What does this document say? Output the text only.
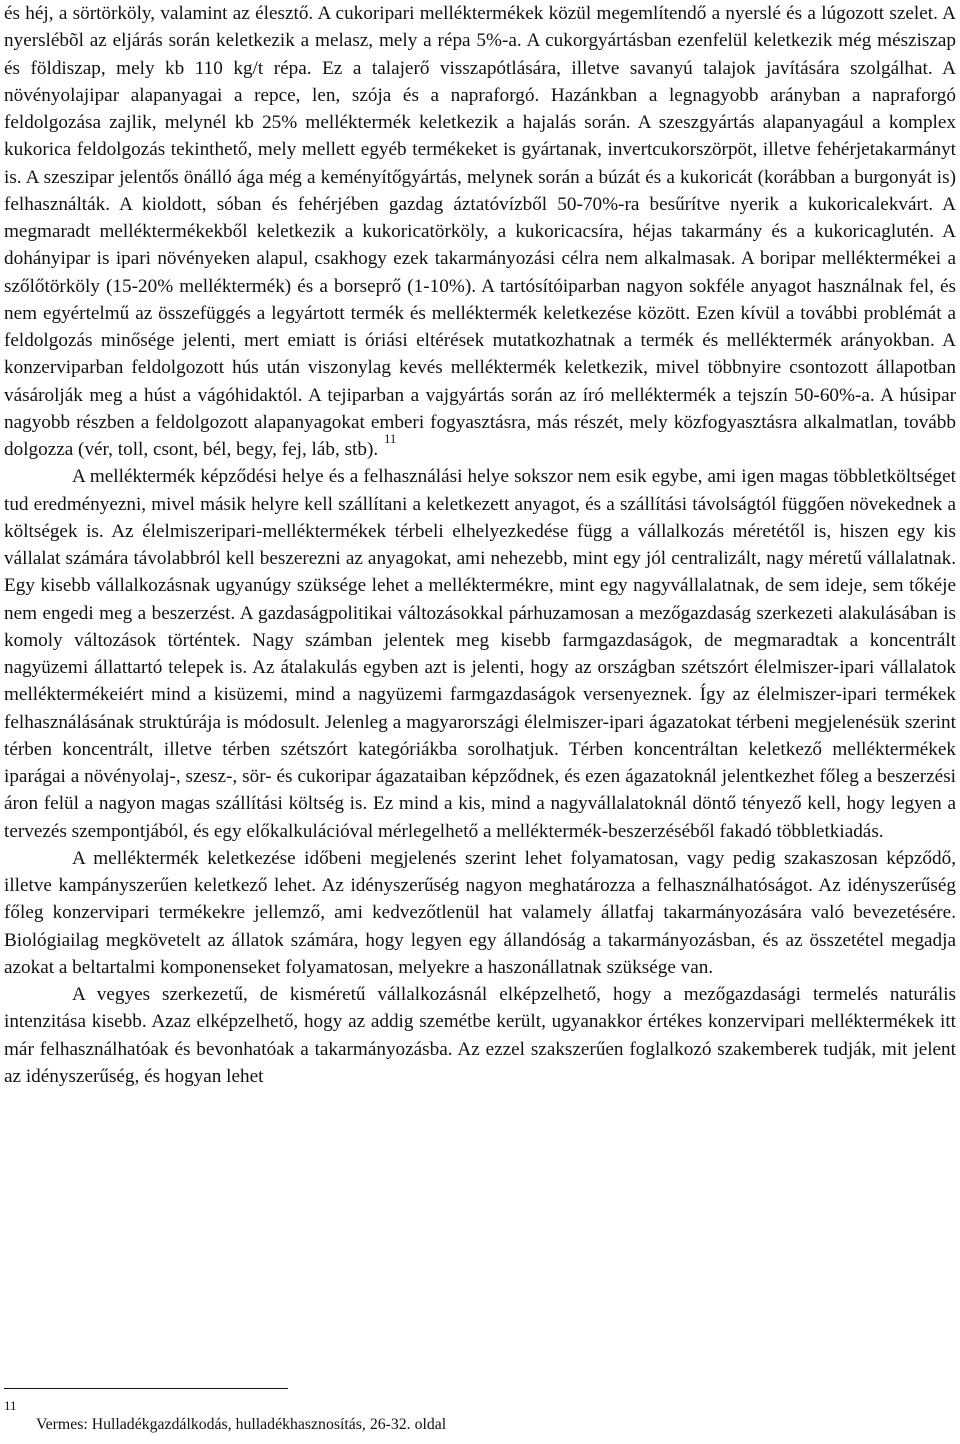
és héj, a sörtörköly, valamint az élesztő. A cukoripari melléktermékek közül megemlítendő a nyerslé és a lúgozott szelet. A nyerslébõl az eljárás során keletkezik a melasz, mely a répa 5%-a. A cukorgyártásban ezenfelül keletkezik még mésziszap és földiszap, mely kb 110 kg/t répa. Ez a talajerő visszapótlására, illetve savanyú talajok javítására szolgálhat. A növényolajipar alapanyagai a repce, len, szója és a napraforgó. Hazánkban a legnagyobb arányban a napraforgó feldolgozása zajlik, melynél kb 25% melléktermék keletkezik a hajalás során. A szeszgyártás alapanyagául a komplex kukorica feldolgozás tekinthető, mely mellett egyéb termékeket is gyártanak, invertcukorszörpöt, illetve fehérjetakarmányt is. A szeszipar jelentős önálló ága még a keményítőgyártás, melynek során a búzát és a kukoricát (korábban a burgonyát is) felhasználták. A kioldott, sóban és fehérjében gazdag áztatóvízből 50-70%-ra besűrítve nyerik a kukoricalekvárt. A megmaradt melléktermékekből keletkezik a kukoricatörköly, a kukoricacsíra, héjas takarmány és a kukoricaglutén. A dohányipar is ipari növényeken alapul, csakhogy ezek takarmányozási célra nem alkalmasak. A boripar melléktermékei a szőlőtörköly (15-20% melléktermék) és a borseprő (1-10%). A tartósítóiparban nagyon sokféle anyagot használnak fel, és nem egyértelmű az összefüggés a legyártott termék és melléktermék keletkezése között. Ezen kívül a további problémát a feldolgozás minősége jelenti, mert emiatt is óriási eltérések mutatkozhatnak a termék és melléktermék arányokban. A konzerviparban feldolgozott hús után viszonylag kevés melléktermék keletkezik, mivel többnyire csontozott állapotban vásárolják meg a húst a vágóhidaktól. A tejiparban a vajgyártás során az író melléktermék a tejszín 50-60%-a. A húsipar nagyobb részben a feldolgozott alapanyagokat emberi fogyasztásra, más részét, mely közfogyasztásra alkalmatlan, tovább dolgozza (vér, toll, csont, bél, begy, fej, láb, stb). $^{11}$

A melléktermék képződési helye és a felhasználási helye sokszor nem esik egybe, ami igen magas többletköltséget tud eredményezni, mivel másik helyre kell szállítani a keletkezett anyagot, és a szállítási távolságtól függően növekednek a költségek is. Az élelmiszeripari-melléktermékek térbeli elhelyezkedése függ a vállalkozás méretétől is, hiszen egy kis vállalat számára távolabbról kell beszerezni az anyagokat, ami nehezebb, mint egy jól centralizált, nagy méretű vállalatnak. Egy kisebb vállalkozásnak ugyanúgy szüksége lehet a melléktermékre, mint egy nagyvállalatnak, de sem ideje, sem tőkéje nem engedi meg a beszerzést. A gazdaságpolitikai változásokkal párhuzamosan a mezőgazdaság szerkezeti alakulásában is komoly változások történtek. Nagy számban jelentek meg kisebb farmgazdaságok, de megmaradtak a koncentrált nagyüzemi állattartó telepek is. Az átalakulás egyben azt is jelenti, hogy az országban szétszórt élelmiszer-ipari vállalatok melléktermékeiért mind a kisüzemi, mind a nagyüzemi farmgazdaságok versenyeznek. Így az élelmiszer-ipari termékek felhasználásának struktúrája is módosult. Jelenleg a magyarországi élelmiszer-ipari ágazatokat térbeni megjelenésük szerint térben koncentrált, illetve térben szétszórt kategóriákba sorolhatjuk. Térben koncentráltan keletkező melléktermékek iparágai a növényolaj-, szesz-, sör- és cukoripar ágazataiban képződnek, és ezen ágazatoknál jelentkezhet főleg a beszerzési áron felül a nagyon magas szállítási költség is. Ez mind a kis, mind a nagyvállalatoknál döntő tényező kell, hogy legyen a tervezés szempontjából, és egy előkalkulációval mérlegelhető a melléktermék-beszerzéséből fakadó többletkiadás.

A melléktermék keletkezése időbeni megjelenés szerint lehet folyamatosan, vagy pedig szakaszosan képződő, illetve kampányszerűen keletkező lehet. Az idényszerűség nagyon meghatározza a felhasználhatóságot. Az idényszerűség főleg konzervipari termékekre jellemző, ami kedvezőtlenül hat valamely állatfaj takarmányozására való bevezetésére. Biológiailag megkövetelt az állatok számára, hogy legyen egy állandóság a takarmányozásban, és az összetétel megadja azokat a beltartalmi komponenseket folyamatosan, melyekre a haszonállatnak szüksége van.

A vegyes szerkezetű, de kisméretű vállalkozásnál elképzelhető, hogy a mezőgazdasági termelés naturális intenzitása kisebb. Azaz elképzelhető, hogy az addig szemétbe került, ugyanakkor értékes konzervipari melléktermékek itt már felhasználhatóak és bevonhatóak a takarmányozásba. Az ezzel szakszerűen foglalkozó szakemberek tudják, mit jelent az idényszerűség, és hogyan lehet

11
Vermes: Hulladékgazdálkodás, hulladékhasznosítás, 26-32. oldal
